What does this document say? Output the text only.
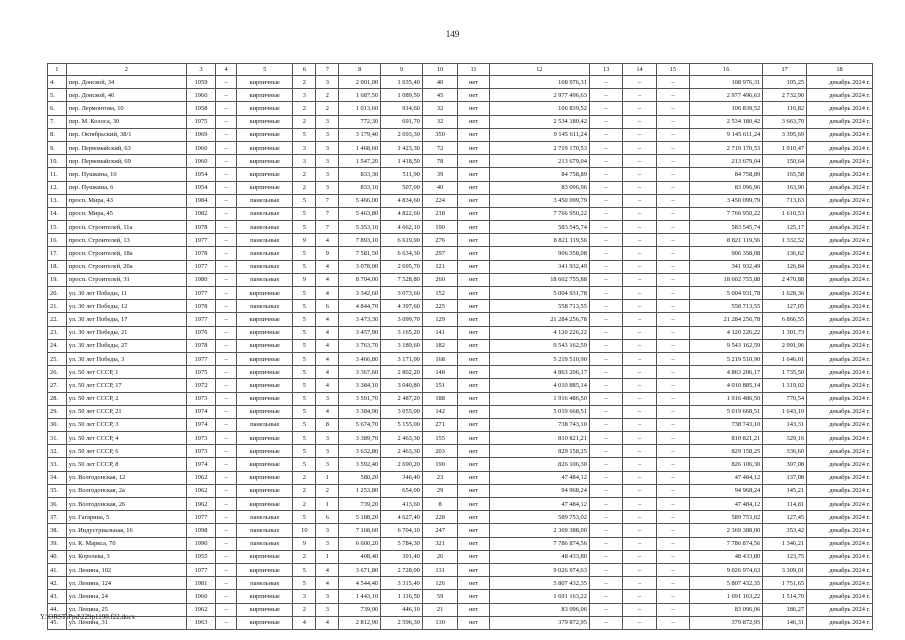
149
1	2	3	4	5	6	7	8	9	10	11	12	13	14	15	16	17	18
4.	пер. Донской, 34	1959	–	кирпичные	2	3	2 001,00	1 035,40	40	нет	108 976,31	–	–	–	108 976,31	105,25	декабрь 2024 г.
5.	пер. Донской, 46	1960	–	кирпичные	3	2	1 687,50	1 089,50	45	нет	2 977 496,63	–	–	–	2 977 496,63	2 732,90	декабрь 2024 г.
6.	пер. Лермонтова, 10	1958	–	кирпичные	2	2	1 013,60	914,60	32	нет	106 839,52	–	–	–	106 839,52	116,82	декабрь 2024 г.
7.	пер. М. Колоса, 30	1975	–	кирпичные	2	3	772,30	691,70	32	нет	2 534 180,42	–	–	–	2 534 180,42	3 663,70	декабрь 2024 г.
8.	пер. Октябрьский, 38/1	1969	–	кирпичные	5	3	3 179,40	2 693,30	350	нет	9 145 611,24	–	–	–	9 145 611,24	3 395,69	декабрь 2024 г.
9.	пер. Первомайский, 63	1960	–	кирпичные	3	3	1 468,60	1 423,30	72	нет	2 719 170,53	–	–	–	2 719 170,53	1 910,47	декабрь 2024 г.
10.	пер. Первомайский, 69	1960	–	кирпичные	3	3	1 547,20	1 418,50	78	нет	213 679,04	–	–	–	213 679,04	150,64	декабрь 2024 г.
11.	пер. Пушкина, 10	1954	–	кирпичные	2	3	833,30	511,90	39	нет	84 758,89	–	–	–	84 758,89	165,58	декабрь 2024 г.
12.	пер. Пушкина, 6	1954	–	кирпичные	2	3	833,10	507,00	40	нет	83 096,96	–	–	–	83 096,96	163,90	декабрь 2024 г.
13.	просп. Мира, 43	1984	–	панельные	5	7	5 466,00	4 834,60	224	нет	3 450 099,79	–	–	–	3 450 099,79	713,63	декабрь 2024 г.
14.	просп. Мира, 45	1982	–	панельные	5	7	5 463,80	4 822,60	218	нет	7 766 950,22	–	–	–	7 766 950,22	1 610,53	декабрь 2024 г.
15.	просп. Строителей, 11а	1978	–	панельные	5	7	5 353,10	4 662,10	190	нет	583 545,74	–	–	–	583 545,74	125,17	декабрь 2024 г.
16.	просп. Строителей, 13	1977	–	панельные	9	4	7 893,10	6 619,90	276	нет	8 821 119,56	–	–	–	8 821 119,56	1 332,52	декабрь 2024 г.
17.	просп. Строителей, 18а	1978	–	панельные	5	9	7 581,50	6 634,30	297	нет	906 358,08	–	–	–	906 358,08	136,62	декабрь 2024 г.
18.	просп. Строителей, 20а	1977	–	панельные	5	4	3 078,00	2 695,70	121	нет	341 932,49	–	–	–	341 932,49	126,84	декабрь 2024 г.
19.	просп. Строителей, 31	1980	–	панельные	9	4	8 704,00	7 528,80	260	нет	18 602 755,88	–	–	–	18 602 755,88	2 470,88	декабрь 2024 г.
20.	ул. 30 лет Победы, 11	1977	–	кирпичные	5	4	3 342,60	3 073,60	152	нет	5 004 931,78	–	–	–	5 004 931,78	1 628,36	декабрь 2024 г.
21.	ул. 30 лет Победы, 12	1978	–	панельные	5	6	4 844,70	4 397,60	225	нет	558 713,55	–	–	–	558 713,55	127,05	декабрь 2024 г.
22.	ул. 30 лет Победы, 17	1977	–	кирпичные	5	4	3 473,30	3 099,70	129	нет	21 284 256,78	–	–	–	21 284 256,78	6 866,55	декабрь 2024 г.
23.	ул. 30 лет Победы, 21	1976	–	кирпичные	5	4	3 457,90	3 165,20	141	нет	4 120 226,22	–	–	–	4 120 226,22	1 301,73	декабрь 2024 г.
24.	ул. 30 лет Победы, 27	1978	–	кирпичные	5	4	3 763,70	3 189,60	182	нет	9 543 162,59	–	–	–	9 543 162,59	2 991,96	декабрь 2024 г.
25.	ул. 30 лет Победы, 3	1977	–	кирпичные	5	4	3 466,80	3 171,00	168	нет	5 219 510,90	–	–	–	5 219 510,90	1 646,01	декабрь 2024 г.
26.	ул. 50 лет СССР, 1	1975	–	кирпичные	5	4	3 367,60	2 802,20	148	нет	4 863 206,17	–	–	–	4 863 206,17	1 735,50	декабрь 2024 г.
27.	ул. 50 лет СССР, 17	1972	–	кирпичные	5	4	3 384,10	3 040,80	151	нет	4 010 885,14	–	–	–	4 010 885,14	1 319,02	декабрь 2024 г.
28.	ул. 50 лет СССР, 2	1973	–	кирпичные	5	3	3 591,70	2 487,20	188	нет	1 916 486,50	–	–	–	1 916 486,50	770,54	декабрь 2024 г.
29.	ул. 50 лет СССР, 21	1974	–	кирпичные	5	4	3 384,90	3 055,00	142	нет	5 019 668,51	–	–	–	5 019 668,51	1 643,10	декабрь 2024 г.
30.	ул. 50 лет СССР, 3	1974	–	панельные	5	8	5 674,70	5 155,00	271	нет	738 743,10	–	–	–	738 743,10	143,31	декабрь 2024 г.
31.	ул. 50 лет СССР, 4	1973	–	кирпичные	5	3	3 389,70	2 463,30	155	нет	810 821,21	–	–	–	810 821,21	329,16	декабрь 2024 г.
32.	ул. 50 лет СССР, 6	1973	–	кирпичные	5	3	3 632,80	2 463,30	203	нет	829 158,25	–	–	–	829 158,25	336,60	декабрь 2024 г.
33.	ул. 50 лет СССР, 8	1974	–	кирпичные	5	3	3 592,40	2 690,20	190	нет	826 106,30	–	–	–	826 106,30	307,08	декабрь 2024 г.
34.	ул. Волгодонская, 12	1962	–	кирпичные	2	1	580,20	346,40	23	нет	47 484,12	–	–	–	47 484,12	137,08	декабрь 2024 г.
35.	ул. Волгодонская, 2а	1962	–	кирпичные	2	2	1 253,80	654,00	29	нет	94 968,24	–	–	–	94 968,24	145,21	декабрь 2024 г.
36.	ул. Волгодонская, 26	1962	–	кирпичные	2	1	739,20	413,60	8	нет	47 484,12	–	–	–	47 484,12	114,81	декабрь 2024 г.
37.	ул. Гагарина, 5	1977	–	панельные	5	6	5 188,20	4 627,40	228	нет	589 753,02	–	–	–	589 753,02	127,45	декабрь 2024 г.
38.	ул. Индустриальная, 16	1998	–	панельные	10	3	7 168,60	6 704,10	247	нет	2 369 388,00	–	–	–	2 369 388,00	353,42	декабрь 2024 г.
39.	ул. К. Маркса, 70	1990	–	панельные	9	3	6 600,20	5 784,30	321	нет	7 786 874,56	–	–	–	7 786 874,56	1 346,21	декабрь 2024 г.
40.	ул. Королева, 3	1955	–	кирпичные	2	1	408,40	391,40	26	нет	48 433,80	–	–	–	48 433,80	123,75	декабрь 2024 г.
41.	ул. Ленина, 102	1977	–	кирпичные	5	4	3 671,80	2 728,00	131	нет	9 026 974,63	–	–	–	9 026 974,63	3 309,01	декабрь 2024 г.
42.	ул. Ленина, 124	1981	–	панельные	5	4	4 544,40	3 315,40	126	нет	5 807 432,35	–	–	–	5 807 432,35	1 751,65	декабрь 2024 г.
43.	ул. Ленина, 24	1960	–	кирпичные	3	3	1 443,10	1 116,50	59	нет	1 691 163,22	–	–	–	1 691 163,22	1 514,70	декабрь 2024 г.
44.	ул. Ленина, 25	1962	–	кирпичные	2	3	739,00	446,10	21	нет	83 096,06	–	–	–	83 096,06	186,27	декабрь 2024 г.
45.	ул. Ленина, 31	1963	–	кирпичные	4	4	2 812,90	2 596,30	130	нет	379 872,95	–	–	–	379 872,95	146,31	декабрь 2024 г.
Y:\ORST\Ppd\229p1198.f22.docx
